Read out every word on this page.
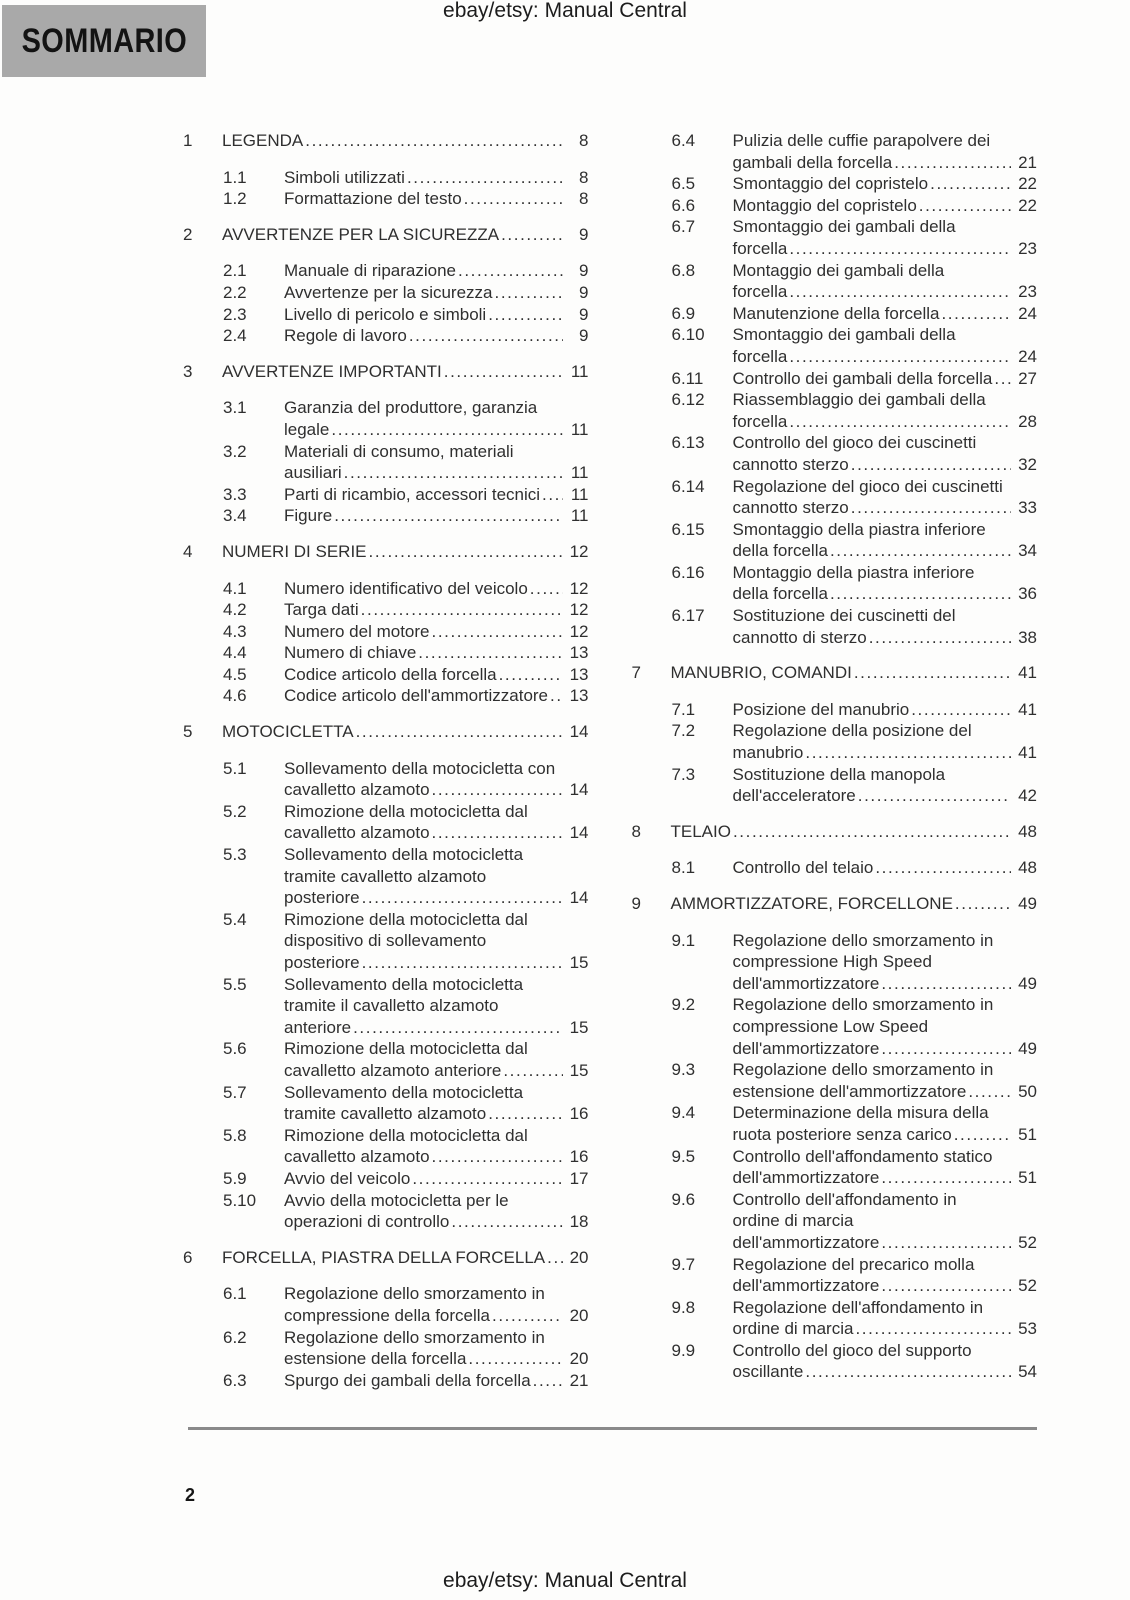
ebay/etsy: Manual Central
SOMMARIO
1	LEGENDA .....	8
1.1	Simboli utilizzati .....	8
1.2	Formattazione del testo .....	8
2	AVVERTENZE PER LA SICUREZZA .....	9
2.1	Manuale di riparazione .....	9
2.2	Avvertenze per la sicurezza .....	9
2.3	Livello di pericolo e simboli .....	9
2.4	Regole di lavoro .....	9
3	AVVERTENZE IMPORTANTI .....	11
3.1	Garanzia del produttore, garanzia
legale .....	11
3.2	Materiali di consumo, materiali
ausiliari .....	11
3.3	Parti di ricambio, accessori tecnici .....	11
3.4	Figure .....	11
4	NUMERI DI SERIE .....	12
4.1	Numero identificativo del veicolo .....	12
4.2	Targa dati .....	12
4.3	Numero del motore .....	12
4.4	Numero di chiave .....	13
4.5	Codice articolo della forcella .....	13
4.6	Codice articolo dell'ammortizzatore .....	13
5	MOTOCICLETTA .....	14
5.1	Sollevamento della motocicletta con
cavalletto alzamoto .....	14
5.2	Rimozione della motocicletta dal
cavalletto alzamoto .....	14
5.3	Sollevamento della motocicletta
tramite cavalletto alzamoto
posteriore .....	14
5.4	Rimozione della motocicletta dal
dispositivo di sollevamento
posteriore .....	15
5.5	Sollevamento della motocicletta
tramite il cavalletto alzamoto
anteriore .....	15
5.6	Rimozione della motocicletta dal
cavalletto alzamoto anteriore .....	15
5.7	Sollevamento della motocicletta
tramite cavalletto alzamoto .....	16
5.8	Rimozione della motocicletta dal
cavalletto alzamoto .....	16
5.9	Avvio del veicolo .....	17
5.10	Avvio della motocicletta per le
operazioni di controllo .....	18
6	FORCELLA, PIASTRA DELLA FORCELLA .....	20
6.1	Regolazione dello smorzamento in
compressione della forcella .....	20
6.2	Regolazione dello smorzamento in
estensione della forcella .....	20
6.3	Spurgo dei gambali della forcella .....	21
6.4	Pulizia delle cuffie parapolvere dei
gambali della forcella .....	21
6.5	Smontaggio del copristelo .....	22
6.6	Montaggio del copristelo .....	22
6.7	Smontaggio dei gambali della
forcella .....	23
6.8	Montaggio dei gambali della
forcella .....	23
6.9	Manutenzione della forcella .....	24
6.10	Smontaggio dei gambali della
forcella .....	24
6.11	Controllo dei gambali della forcella .....	27
6.12	Riassemblaggio dei gambali della
forcella .....	28
6.13	Controllo del gioco dei cuscinetti
cannotto sterzo .....	32
6.14	Regolazione del gioco dei cuscinetti
cannotto sterzo .....	33
6.15	Smontaggio della piastra inferiore
della forcella .....	34
6.16	Montaggio della piastra inferiore
della forcella .....	36
6.17	Sostituzione dei cuscinetti del
cannotto di sterzo .....	38
7	MANUBRIO, COMANDI .....	41
7.1	Posizione del manubrio .....	41
7.2	Regolazione della posizione del
manubrio .....	41
7.3	Sostituzione della manopola
dell'acceleratore .....	42
8	TELAIO .....	48
8.1	Controllo del telaio .....	48
9	AMMORTIZZATORE, FORCELLONE .....	49
9.1	Regolazione dello smorzamento in
compressione High Speed
dell'ammortizzatore .....	49
9.2	Regolazione dello smorzamento in
compressione Low Speed
dell'ammortizzatore .....	49
9.3	Regolazione dello smorzamento in
estensione dell'ammortizzatore .....	50
9.4	Determinazione della misura della
ruota posteriore senza carico .....	51
9.5	Controllo dell'affondamento statico
dell'ammortizzatore .....	51
9.6	Controllo dell'affondamento in
ordine di marcia
dell'ammortizzatore .....	52
9.7	Regolazione del precarico molla
dell'ammortizzatore .....	52
9.8	Regolazione dell'affondamento in
ordine di marcia .....	53
9.9	Controllo del gioco del supporto
oscillante .....	54
2
ebay/etsy: Manual Central
